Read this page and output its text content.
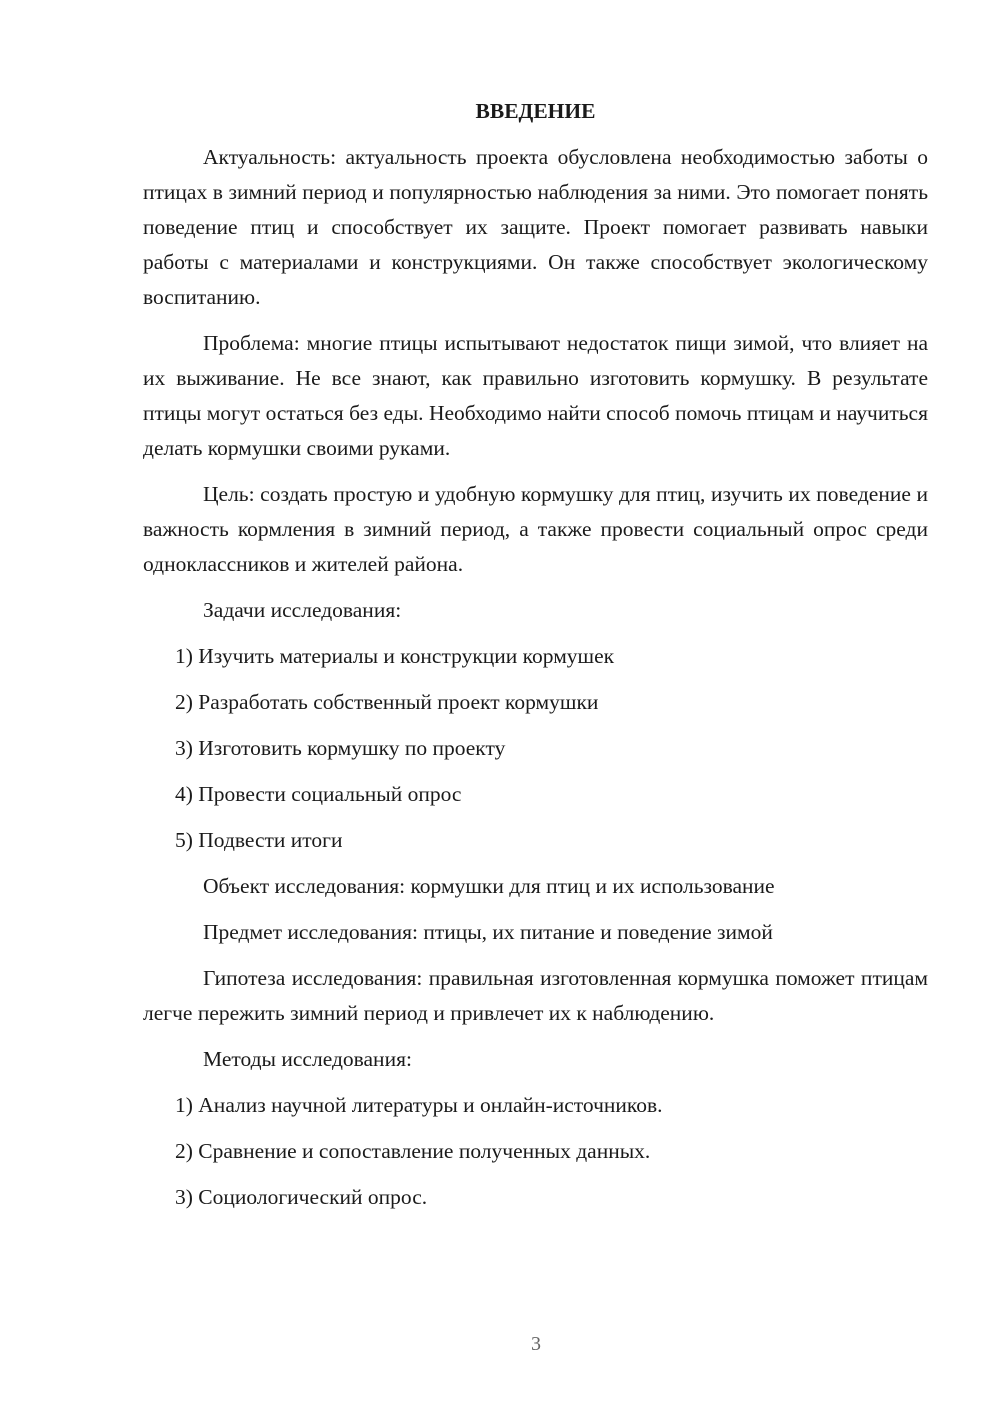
ВВЕДЕНИЕ

Актуальность: актуальность проекта обусловлена необходимостью заботы о птицах в зимний период и популярностью наблюдения за ними. Это помогает понять поведение птиц и способствует их защите. Проект помогает развивать навыки работы с материалами и конструкциями. Он также способствует экологическому воспитанию.

Проблема: многие птицы испытывают недостаток пищи зимой, что влияет на их выживание. Не все знают, как правильно изготовить кормушку. В результате птицы могут остаться без еды. Необходимо найти способ помочь птицам и научиться делать кормушки своими руками.

Цель: создать простую и удобную кормушку для птиц, изучить их поведение и важность кормления в зимний период, а также провести социальный опрос среди одноклассников и жителей района.

Задачи исследования:
1) Изучить материалы и конструкции кормушек
2) Разработать собственный проект кормушки
3) Изготовить кормушку по проекту
4) Провести социальный опрос
5) Подвести итоги
Объект исследования: кормушки для птиц и их использование
Предмет исследования: птицы, их питание и поведение зимой

Гипотеза исследования: правильная изготовленная кормушка поможет птицам легче пережить зимний период и привлечет их к наблюдению.

Методы исследования:
1) Анализ научной литературы и онлайн-источников.
2) Сравнение и сопоставление полученных данных.
3) Социологический опрос.
3
